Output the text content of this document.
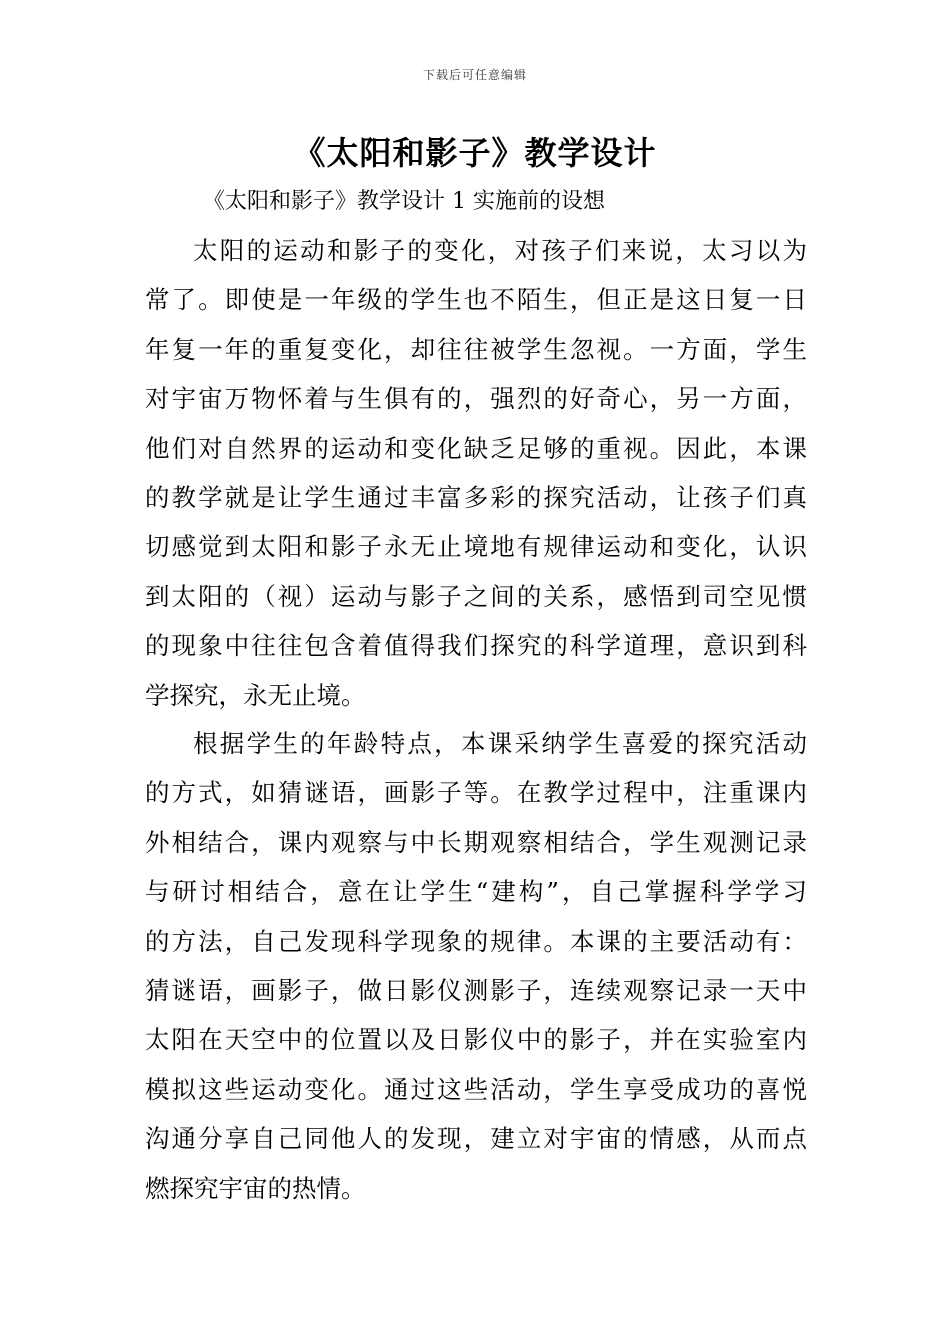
下载后可任意编辑
《太阳和影子》教学设计
《太阳和影子》教学设计 1 实施前的设想
太阳的运动和影子的变化，对孩子们来说，太习以为
常了。即使是一年级的学生也不陌生，但正是这日复一日
年复一年的重复变化，却往往被学生忽视。一方面，学生
对宇宙万物怀着与生俱有的，强烈的好奇心，另一方面，
他们对自然界的运动和变化缺乏足够的重视。因此，本课
的教学就是让学生通过丰富多彩的探究活动，让孩子们真
切感觉到太阳和影子永无止境地有规律运动和变化，认识
到太阳的（视）运动与影子之间的关系，感悟到司空见惯
的现象中往往包含着值得我们探究的科学道理，意识到科
学探究，永无止境。
根据学生的年龄特点，本课采纳学生喜爱的探究活动
的方式，如猜谜语，画影子等。在教学过程中，注重课内
外相结合，课内观察与中长期观察相结合，学生观测记录
与研讨相结合，意在让学生“建构”，自己掌握科学学习
的方法，自己发现科学现象的规律。本课的主要活动有：
猜谜语，画影子，做日影仪测影子，连续观察记录一天中
太阳在天空中的位置以及日影仪中的影子，并在实验室内
模拟这些运动变化。通过这些活动，学生享受成功的喜悦
沟通分享自己同他人的发现，建立对宇宙的情感，从而点
燃探究宇宙的热情。
